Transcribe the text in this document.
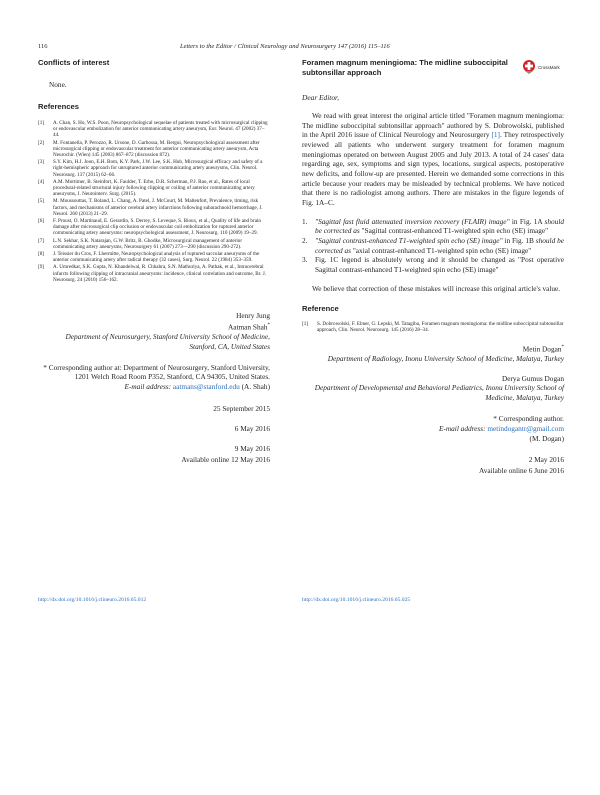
116	Letters to the Editor / Clinical Neurology and Neurosurgery 147 (2016) 115–116
Conflicts of interest

None.

References
[1] A. Chan, S. Ho, W.S. Poon, Neuropsychological sequelae of patients treated with microsurgical clipping or endovascular embolization for anterior communicating artery aneurysm, Eur. Neurol. 47 (2002) 37–44.
[2] M. Fontanella, P. Perozzo, R. Ursone, D. Garbossa, M. Bergui, Neuropsychological assessment after microsurgical clipping or endovascular treatment for anterior communicating artery aneurysm, Acta Neurochir. (Wien) 145 (2003) 867–872 (discussion 872).
[3] S.Y. Kim, H.J. Joon, E.H. Bom, K.Y. Park, J.W. Lee, S.K. Hub, Microsurgical efficacy and safety of a right-hemispheric approach for unruptured anterior communicating artery aneurysms, Clin. Neurol. Neurosurg. 137 (2015) 62–66.
[4] A.M. Mortimer, B. Steinfort, K. Faulder, T. Erho, D.R. Scherman, P.J. Rao, et al., Rates of local procedural-related structural injury following clipping or coiling of anterior communicating artery aneurysms, J. Neurointerv. Surg. (2015).
[5] M. Moussouttas, T. Boland, L. Chang, A. Patel, J. McCourt, M. Maltenfort, Prevalence, timing, risk factors, and mechanisms of anterior cerebral artery infarctions following subarachnoid hemorrhage, J. Neurol. 260 (2013) 21–29.
[6] F. Proust, O. Martinaud, E. Gerardin, S. Derrey, S. Leveque, S. Bioux, et al., Quality of life and brain damage after microsurgical clip occlusion or endovascular coil embolization for ruptured anterior communicating artery aneurysms: neuropsychological assessment, J. Neurosurg. 110 (2009) 19–29.
[7] L.N. Sekhar, S.K. Natarajan, G.W. Britz, B. Ghodke, Microsurgical management of anterior communicating artery aneurysms, Neurosurgery 61 (2007) 273—290 (discussion 290-272).
[8] J. Teissier du Cros, F. Lhermitte, Neuropsychological analysis of ruptured saccular aneurysms of the anterior communicating artery after radical therapy (32 cases), Surg. Neurol. 22 (1984) 353–359.
[9] A. Umredkar, S.K. Gupta, N. Khandelwal, R. Chhabra, S.N. Mathuriya, A. Pathak, et al., Intracerebral infarcts following clipping of intracranial aneurysms: incidence, clinical correlation and outcome, Br. J. Neurosurg. 24 (2010) 156–162.
Henry Jung
Aatman Shah*
Department of Neurosurgery, Stanford University School of Medicine, Stanford, CA, United States
* Corresponding author at: Department of Neurosurgery, Stanford University, 1201 Welch Road Room P352, Stanford, CA 94305, United States.
E-mail address: aatmans@stanford.edu (A. Shah)
25 September 2015
6 May 2016
9 May 2016
Available online 12 May 2016
http://dx.doi.org/10.1016/j.clineuro.2016.05.012
Foramen magnum meningioma: The midline suboccipital subtonsillar approach
CrossMark

Dear Editor,

We read with great interest the original article titled "Foramen magnum meningioma: The midline suboccipital subtonsillar approach" authored by S. Dobrowolski, published in the April 2016 issue of Clinical Neurology and Neurosurgery [1]. They retrospectively reviewed all patients who underwent surgery treatment for foramen magnum meningiomas operated on between August 2005 and July 2013. A total of 24 cases' data regarding age, sex, symptoms and sign types, locations, surgical aspects, postoperative new deficits, and follow-up are presented. Herein we demanded some corrections in this article because your readers may be misleaded by technical problems. We have noticed that there is no radiologist among authors. There are mistakes in the figure legends of Fig. 1A–C.

1. "Sagittal fast fluid attenuated inversion recovery (FLAIR) image" in Fig. 1A should be corrected as "Sagittal contrast-enhanced T1-weighted spin echo (SE) image"
2. "Sagittal contrast-enhanced T1-weighted spin echo (SE) image" in Fig. 1B should be corrected as "axial contrast-enhanced T1-weighted spin echo (SE) image"
3. Fig. 1C legend is absolutely wrong and it should be changed as "Post operative Sagittal contrast-enhanced T1-weighted spin echo (SE) image"

We believe that correction of these mistakes will increase this original article's value.

Reference
[1] S. Dobrowolski, F. Ebner, G. Lepski, M. Tatagiba, Foramen magnum meningioma: the midline suboccipital subtonsillar approach, Clin. Neurol. Neurosurg. 145 (2016) 28–34.
Metin Dogan*
Department of Radiology, Inonu University School of Medicine, Malatya, Turkey
Derya Gumus Dogan
Department of Developmental and Behavioral Pediatrics, Inonu University School of Medicine, Malatya, Turkey
* Corresponding author.
E-mail address: metindogantr@gmail.com
(M. Dogan)
2 May 2016
Available online 6 June 2016
http://dx.doi.org/10.1016/j.clineuro.2016.05.025
